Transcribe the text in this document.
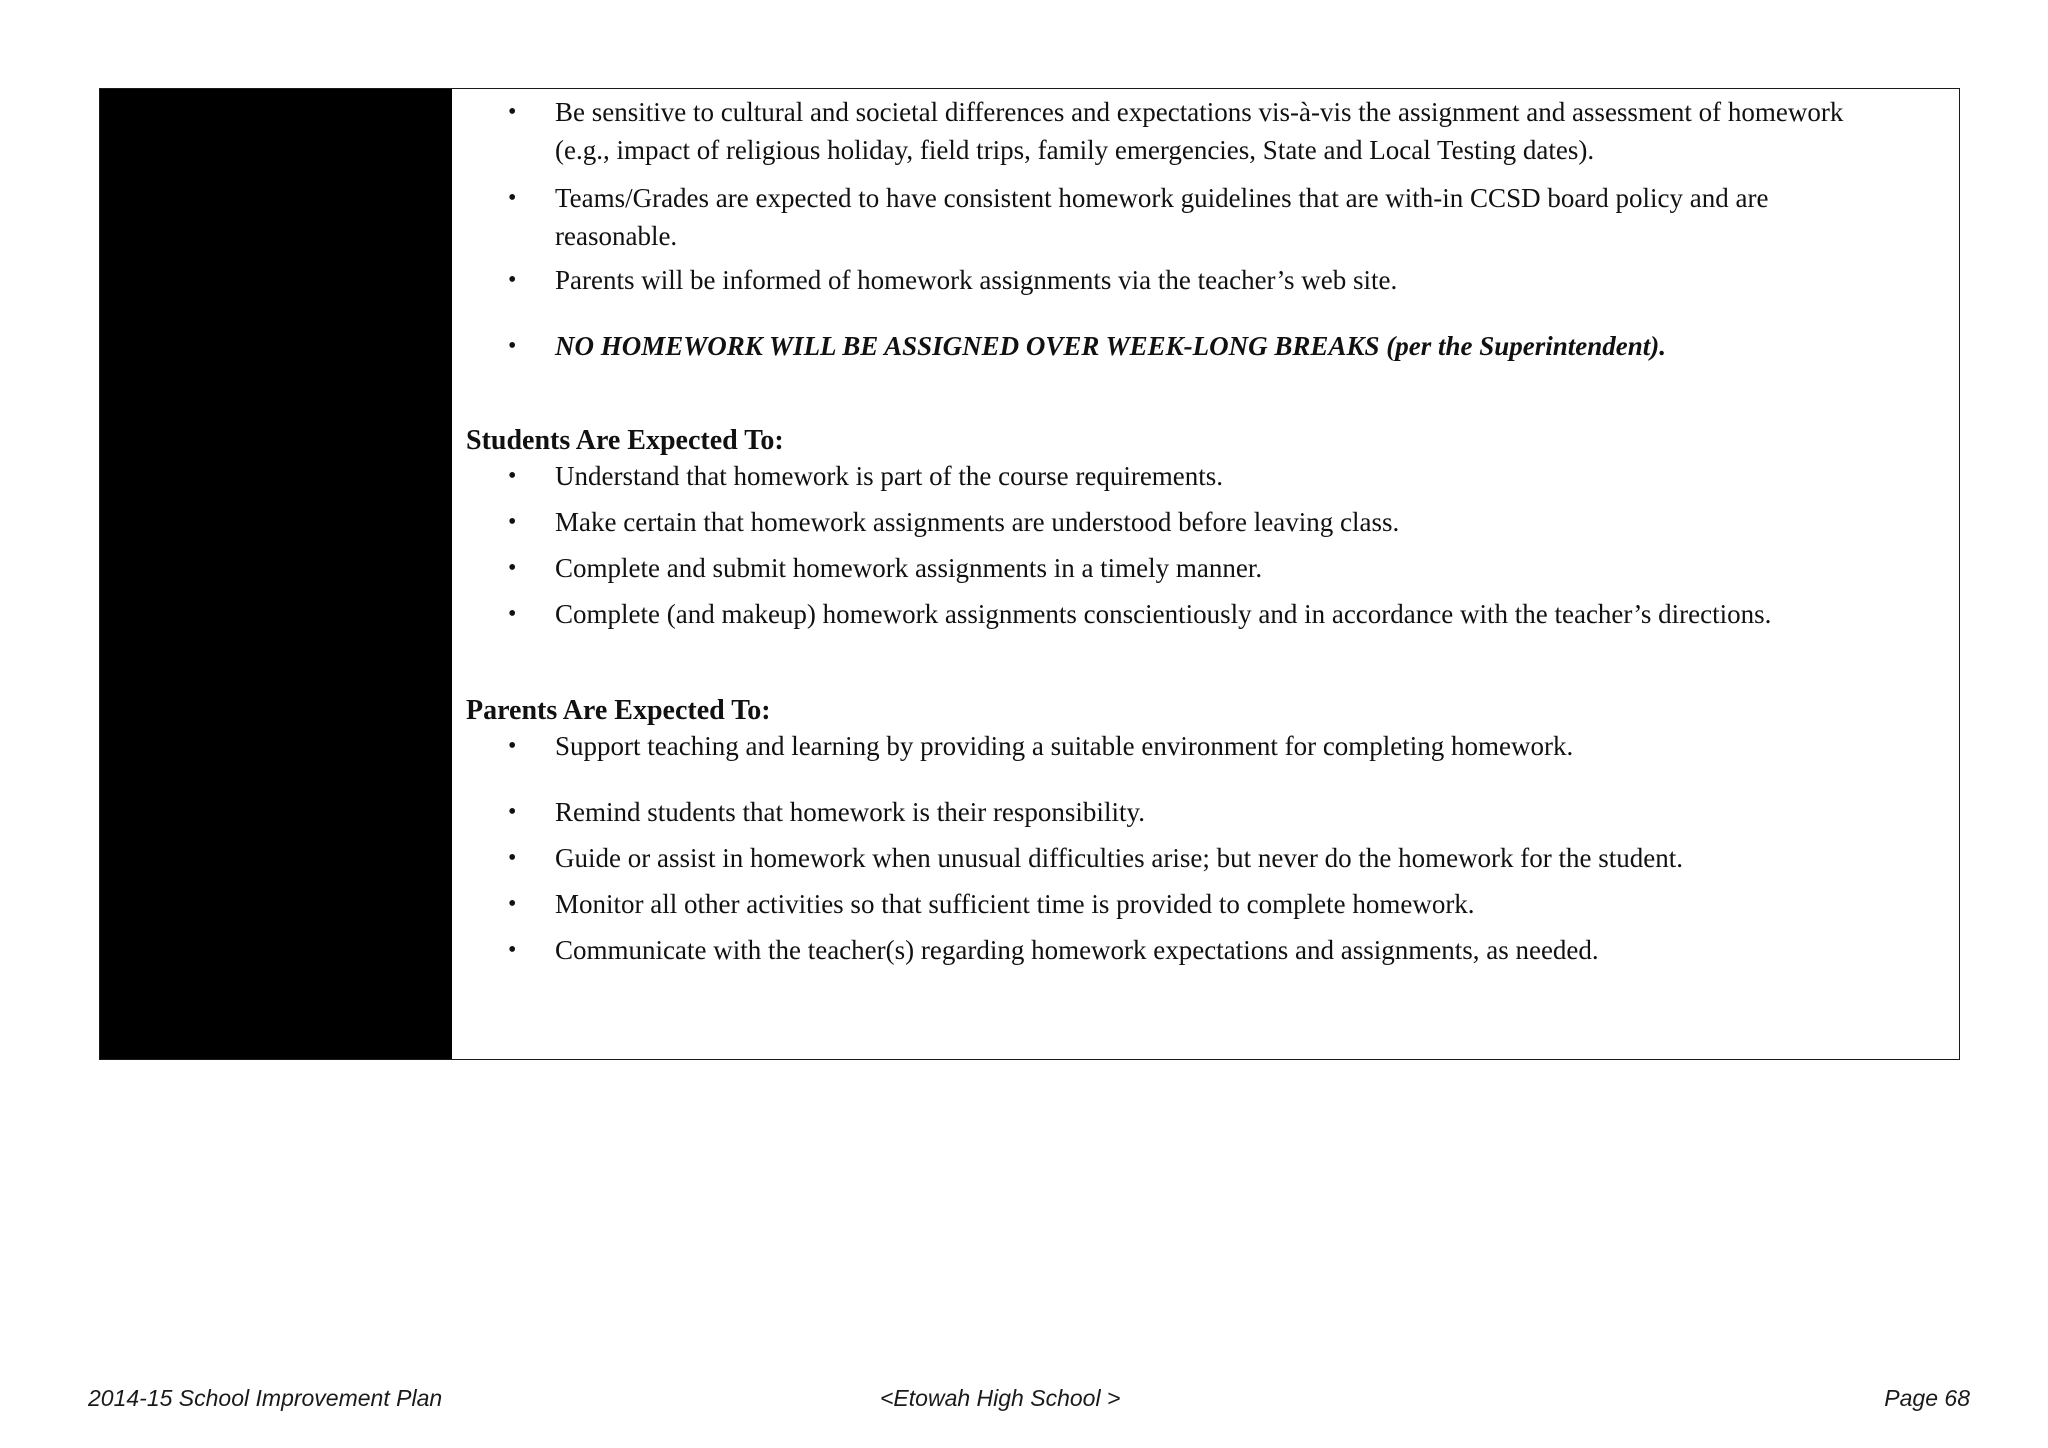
• Be sensitive to cultural and societal differences and expectations vis-à-vis the assignment and assessment of homework (e.g., impact of religious holiday, field trips, family emergencies, State and Local Testing dates).
• Teams/Grades are expected to have consistent homework guidelines that are with-in CCSD board policy and are reasonable.
• Parents will be informed of homework assignments via the teacher’s web site.
• NO HOMEWORK WILL BE ASSIGNED OVER WEEK-LONG BREAKS (per the Superintendent).
Students Are Expected To:
• Understand that homework is part of the course requirements.
• Make certain that homework assignments are understood before leaving class.
• Complete and submit homework assignments in a timely manner.
• Complete (and makeup) homework assignments conscientiously and in accordance with the teacher’s directions.
Parents Are Expected To:
• Support teaching and learning by providing a suitable environment for completing homework.
• Remind students that homework is their responsibility.
• Guide or assist in homework when unusual difficulties arise; but never do the homework for the student.
• Monitor all other activities so that sufficient time is provided to complete homework.
• Communicate with the teacher(s) regarding homework expectations and assignments, as needed.
2014-15 School Improvement Plan	<Etowah High School >	Page 68
